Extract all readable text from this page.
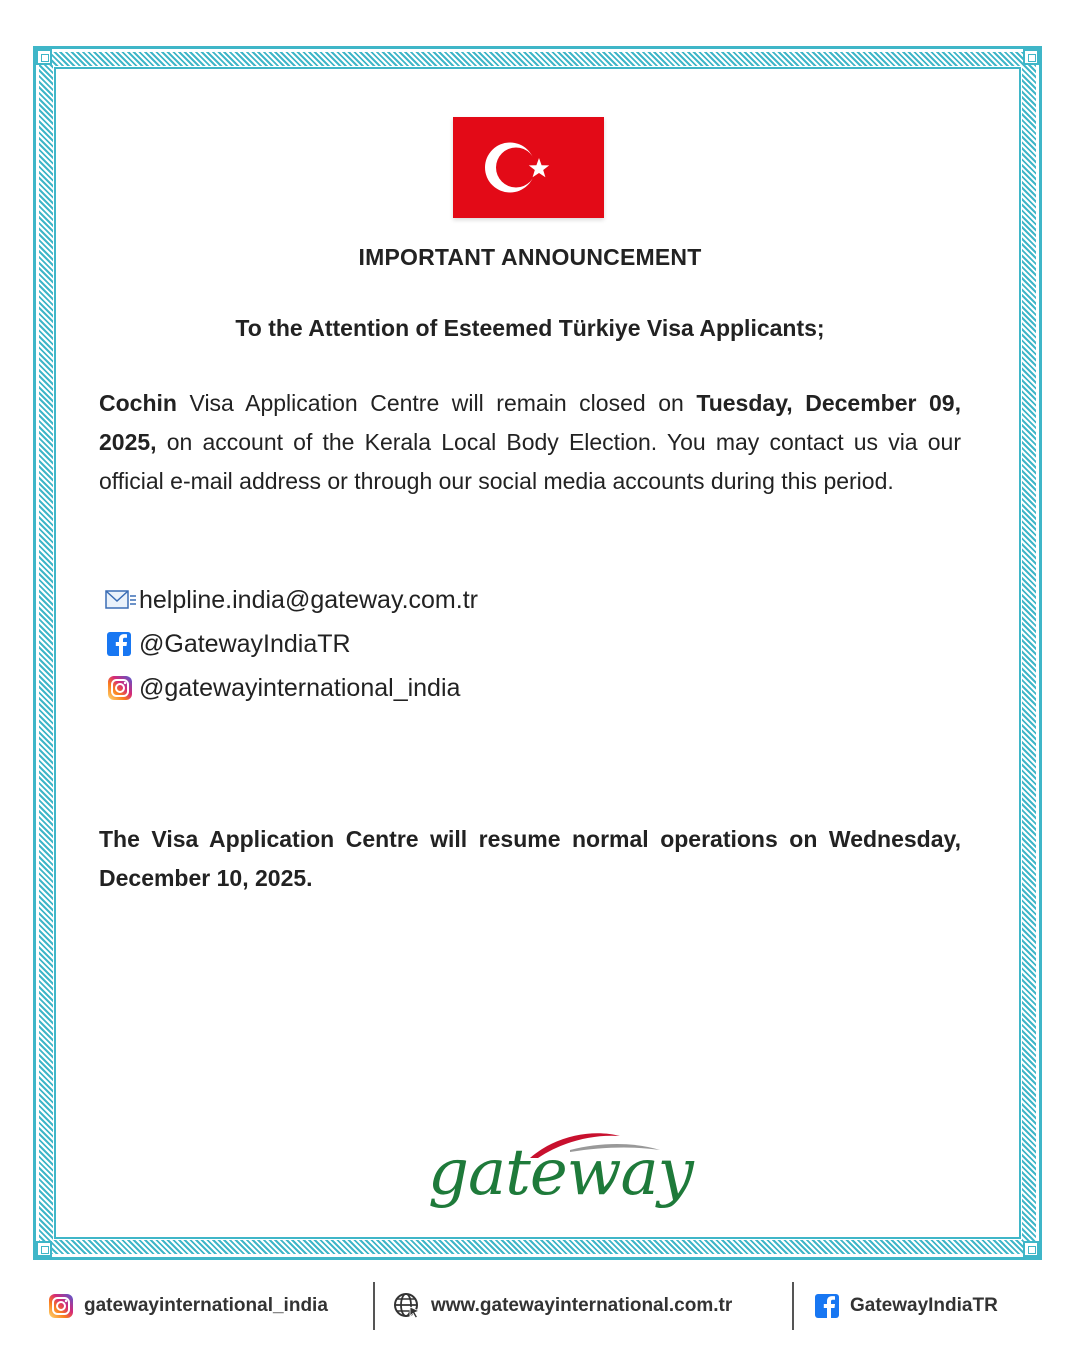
IMPORTANT ANNOUNCEMENT
To the Attention of Esteemed Türkiye Visa Applicants;
Cochin Visa Application Centre will remain closed on Tuesday, December 09, 2025, on account of the Kerala Local Body Election. You may contact us via our official e-mail address or through our social media accounts during this period.
helpline.india@gateway.com.tr
@GatewayIndiaTR
@gatewayinternational_india
The Visa Application Centre will resume normal operations on Wednesday, December 10, 2025.
gateway
gatewayinternational_india	www.gatewayinternational.com.tr	GatewayIndiaTR
